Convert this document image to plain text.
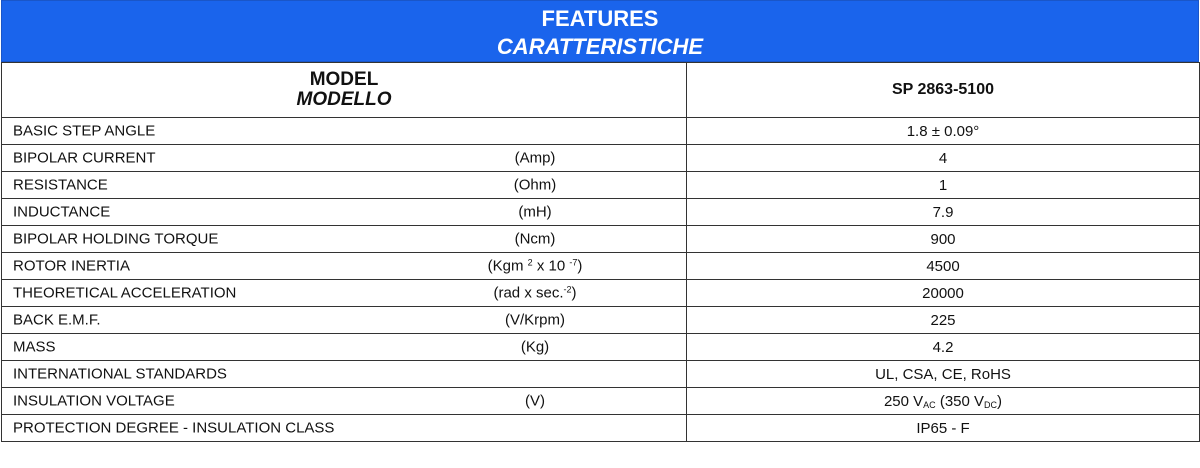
FEATURES
CARATTERISTICHE
MODEL
MODELLO	SP 2863-5100

BASIC STEP ANGLE	1.8 ± 0.09°

BIPOLAR CURRENT (Amp)	4

RESISTANCE (Ohm)	1

INDUCTANCE (mH)	7.9

BIPOLAR HOLDING TORQUE (Ncm)	900

ROTOR INERTIA (Kgm $^2$ x 10 $^{-7}$)	4500

THEORETICAL ACCELERATION (rad x sec.$^{-2}$)	20000

BACK E.M.F. (V/Krpm)	225

MASS (Kg)	4.2

INTERNATIONAL STANDARDS	UL, CSA, CE, RoHS

INSULATION VOLTAGE (V)	250 $V_{AC}$ (350 $V_{DC}$)

PROTECTION DEGREE - INSULATION CLASS	IP65 - F
